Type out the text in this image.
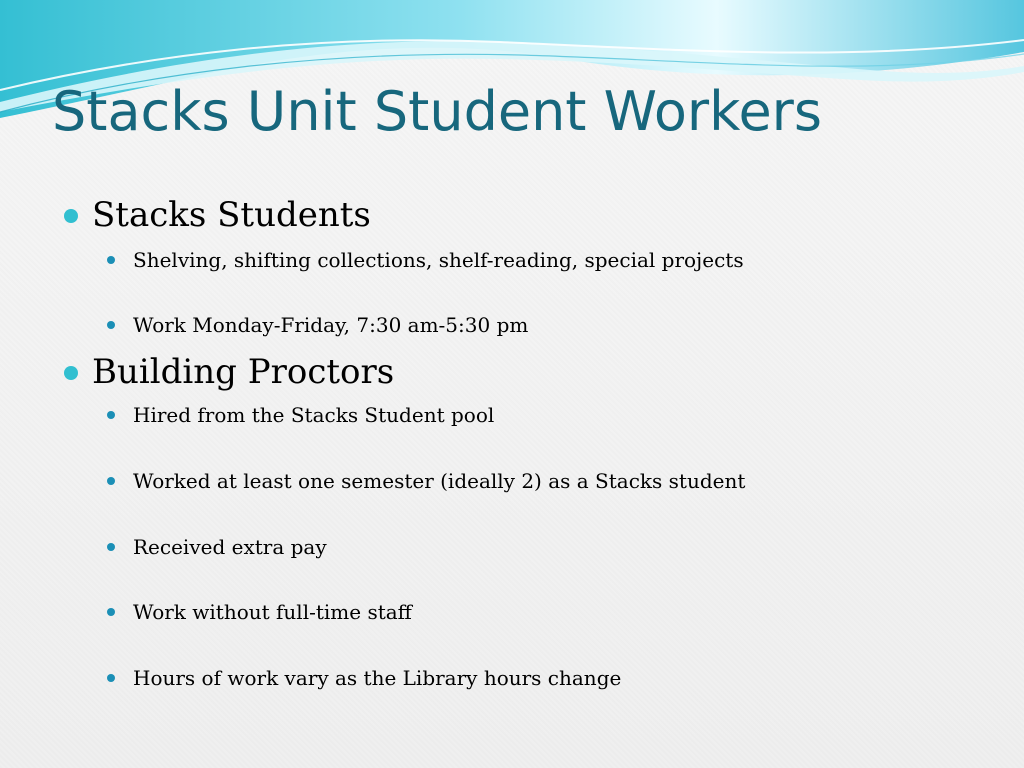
Stacks Unit Student Workers
Stacks Students
Shelving, shifting collections, shelf-reading, special projects
Work Monday-Friday, 7:30 am-5:30 pm
Building Proctors
Hired from the Stacks Student pool
Worked at least one semester (ideally 2) as a Stacks student
Received extra pay
Work without full-time staff
Hours of work vary as the Library hours change
